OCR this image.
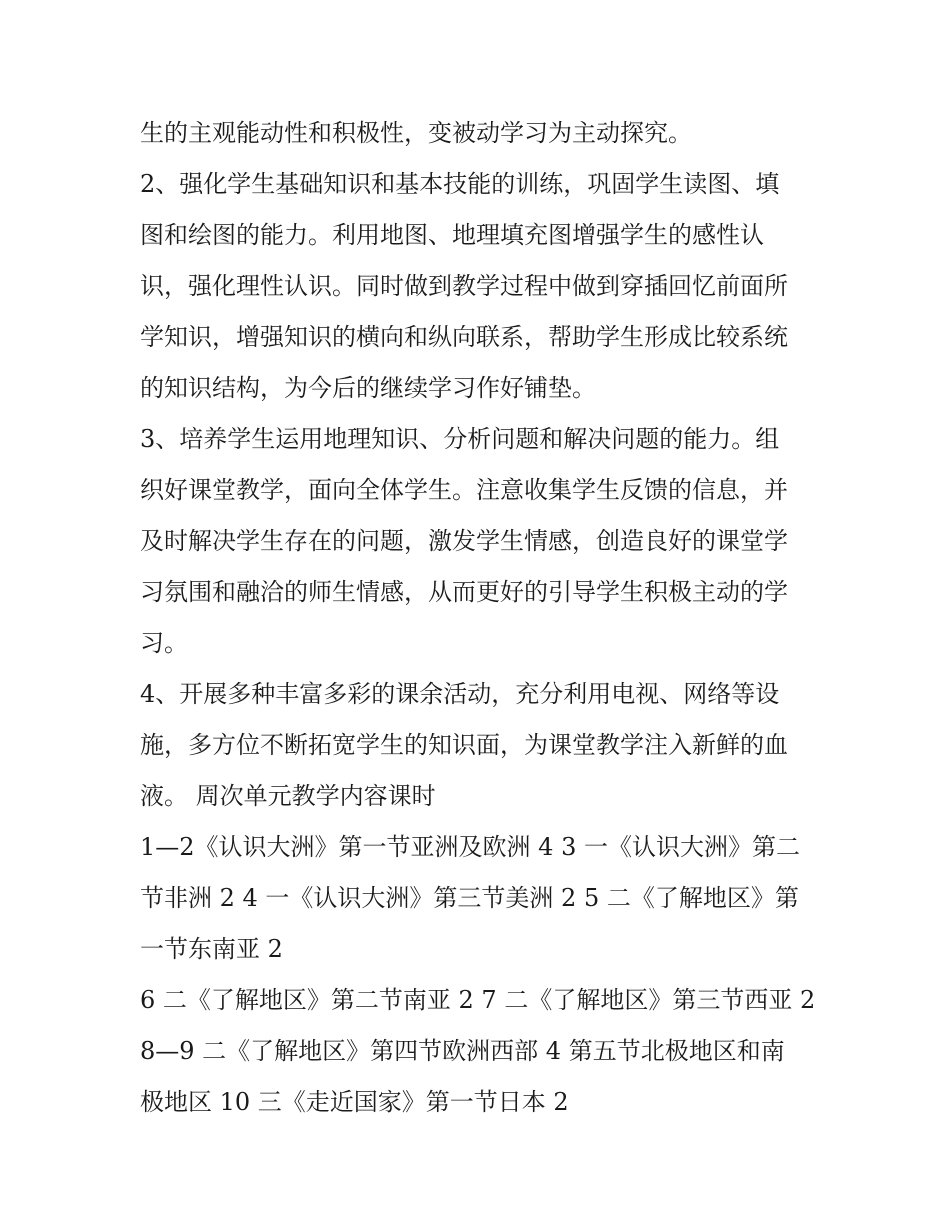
生的主观能动性和积极性，变被动学习为主动探究。

2、强化学生基础知识和基本技能的训练，巩固学生读图、填
图和绘图的能力。利用地图、地理填充图增强学生的感性认
识，强化理性认识。同时做到教学过程中做到穿插回忆前面所
学知识，增强知识的横向和纵向联系，帮助学生形成比较系统
的知识结构，为今后的继续学习作好铺垫。

3、培养学生运用地理知识、分析问题和解决问题的能力。组
织好课堂教学，面向全体学生。注意收集学生反馈的信息，并
及时解决学生存在的问题，激发学生情感，创造良好的课堂学
习氛围和融洽的师生情感，从而更好的引导学生积极主动的学
习。

4、开展多种丰富多彩的课余活动，充分利用电视、网络等设
施，多方位不断拓宽学生的知识面，为课堂教学注入新鲜的血
液。 周次单元教学内容课时

1—2《认识大洲》第一节亚洲及欧洲 4 3 一《认识大洲》第二
节非洲 2 4 一《认识大洲》第三节美洲 2 5 二《了解地区》第
一节东南亚 2

6 二《了解地区》第二节南亚 2 7 二《了解地区》第三节西亚 2
8—9 二《了解地区》第四节欧洲西部 4 第五节北极地区和南
极地区 10 三《走近国家》第一节日本 2
